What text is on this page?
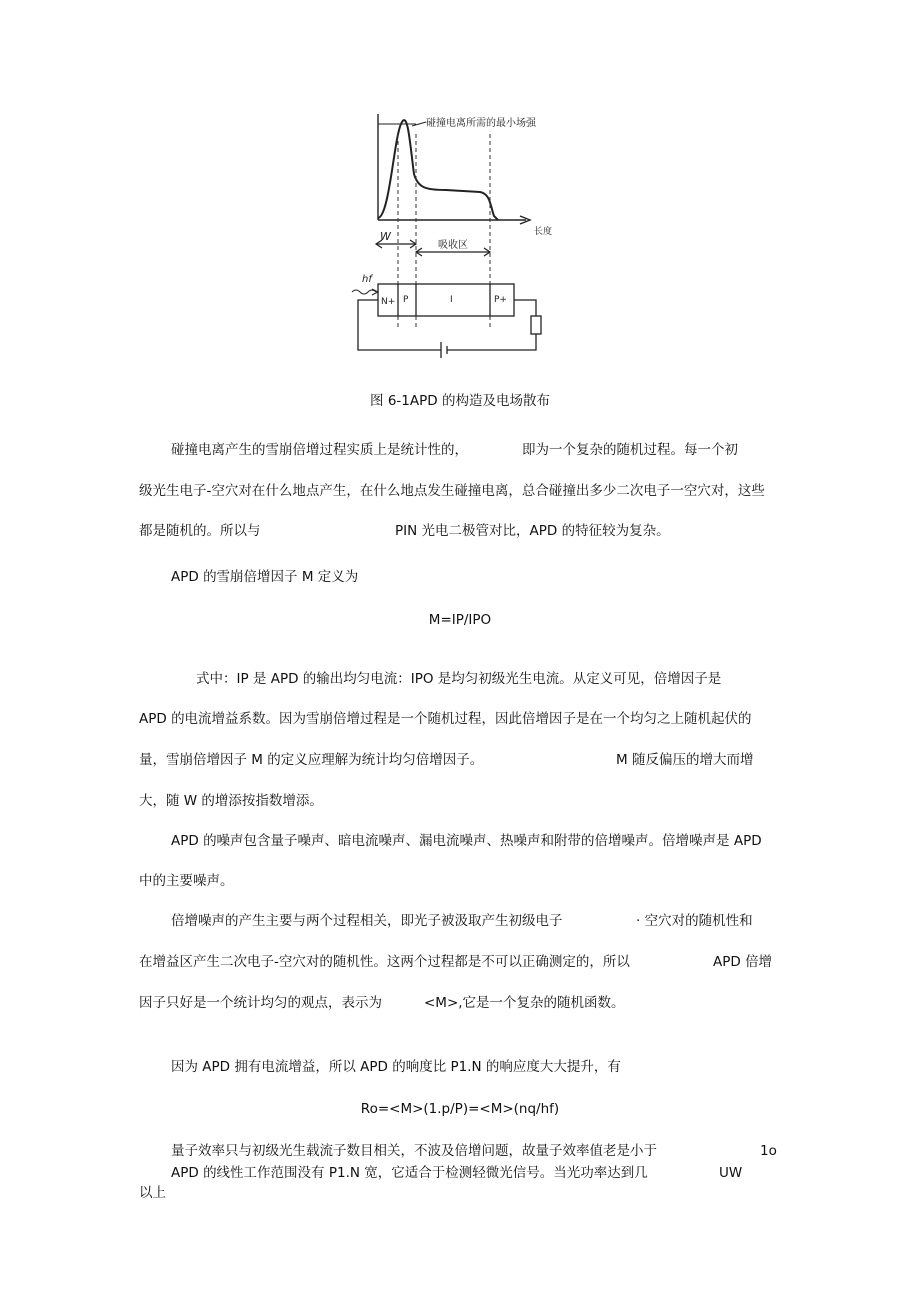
碰撞电离所需的最小场强
长度
W
吸收区
hf
N+ P	I	P+
图 6-1APD 的构造及电场散布
碰撞电离产生的雪崩倍增过程实质上是统计性的，	即为一个复杂的随机过程。每一个初
级光生电子-空穴对在什么地点产生，在什么地点发生碰撞电离，总合碰撞出多少二次电子一空穴对，这些
都是随机的。所以与	PIN 光电二极管对比，APD 的特征较为复杂。
APD 的雪崩倍增因子 M 定义为
M=IP/IPO
式中：IP 是 APD 的输出均匀电流：IPO 是均匀初级光生电流。从定义可见，倍增因子是
APD 的电流增益系数。因为雪崩倍增过程是一个随机过程，因此倍增因子是在一个均匀之上随机起伏的
量，雪崩倍增因子 M 的定义应理解为统计均匀倍增因子。	M 随反偏压的增大而增
大，随 W 的增添按指数增添。
APD 的噪声包含量子噪声、暗电流噪声、漏电流噪声、热噪声和附带的倍增噪声。倍增噪声是 APD
中的主要噪声。
倍增噪声的产生主要与两个过程相关，即光子被汲取产生初级电子	· 空穴对的随机性和
在增益区产生二次电子-空穴对的随机性。这两个过程都是不可以正确测定的，所以	APD 倍增
因子只好是一个统计均匀的观点，表示为	<M>,它是一个复杂的随机函数。
因为 APD 拥有电流增益，所以 APD 的响度比 P1.N 的响应度大大提升，有
Ro=<M>(1.p/P)=<M>(nq/hf)
量子效率只与初级光生载流子数目相关，不波及倍增问题，故量子效率值老是小于	1o
APD 的线性工作范围没有 P1.N 宽，它适合于检测轻微光信号。当光功率达到几	UW
以上
